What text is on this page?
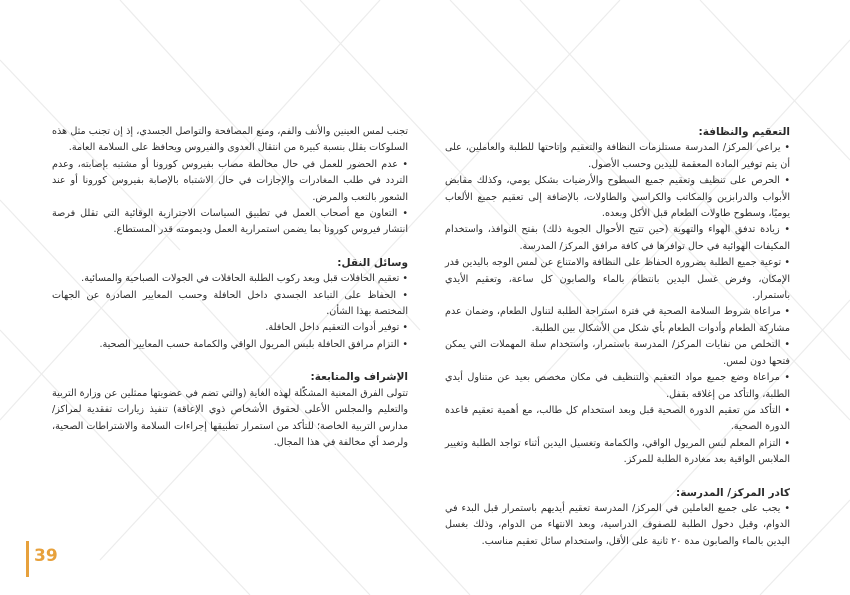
التعقيم والنظافة:

• يراعي المركز/ المدرسة مستلزمات النظافة والتعقيم وإتاحتها للطلبة والعاملين، على أن يتم توفير المادة المعقمة لليدين وحسب الأصول.

• الحرص على تنظيف وتعقيم جميع السطوح والأرضيات بشكل يومي، وكذلك مقابض الأبواب والدرابزين والمكاتب والكراسي والطاولات، بالإضافة إلى تعقيم جميع الألعاب يوميًا، وسطوح طاولات الطعام قبل الأكل وبعده.

• زيادة تدفق الهواء والتهوية (حين تتيح الأحوال الجوية ذلك) بفتح النوافذ، واستخدام المكيفات الهوائية في حال توافرها في كافة مرافق المركز/ المدرسة.

• توعية جميع الطلبة بضرورة الحفاظ على النظافة والامتناع عن لمس الوجه باليدين قدر الإمكان، وفرض غسل اليدين بانتظام بالماء والصابون كل ساعة، وتعقيم الأيدي باستمرار.

• مراعاة شروط السلامة الصحية في فترة استراحة الطلبة لتناول الطعام، وضمان عدم مشاركة الطعام وأدوات الطعام بأي شكل من الأشكال بين الطلبة.

• التخلص من نفايات المركز/ المدرسة باستمرار، واستخدام سلة المهملات التي يمكن فتحها دون لمس.

• مراعاة وضع جميع مواد التعقيم والتنظيف في مكان مخصص بعيد عن متناول أيدي الطلبة، والتأكد من إغلاقه بقفل.

• التأكد من تعقيم الدورة الصحية قبل وبعد استخدام كل طالب، مع أهمية تعقيم قاعدة الدورة الصحية.

• التزام المعلم لبس المريول الواقي، والكمامة وتغسيل اليدين أثناء تواجد الطلبة وتغيير الملابس الواقية بعد مغادرة الطلبة للمركز.

كادر المركز/ المدرسة:

• يجب على جميع العاملين في المركز/ المدرسة تعقيم أيديهم باستمرار قبل البدء في الدوام، وقبل دخول الطلبة للصفوف الدراسية، وبعد الانتهاء من الدوام، وذلك بغسل اليدين بالماء والصابون مدة ٢٠ ثانية على الأقل، واستخدام سائل تعقيم مناسب.

تجنب لمس العينين والأنف والفم، ومنع المصافحة والتواصل الجسدي، إذ إن تجنب مثل هذه السلوكات يقلل بنسبة كبيرة من انتقال العدوى والفيروس ويحافظ على السلامة العامة.

• عدم الحضور للعمل في حال مخالطة مصاب بفيروس كورونا أو مشتبه بإصابته، وعدم التردد في طلب المغادرات والإجازات في حال الاشتباه بالإصابة بفيروس كورونا أو عند الشعور بالتعب والمرض.

• التعاون مع أصحاب العمل في تطبيق السياسات الاحترازية الوقائية التي تقلل فرصة انتشار فيروس كورونا بما يضمن استمرارية العمل وديمومته قدر المستطاع.

وسائل النقل:

• تعقيم الحافلات قبل وبعد ركوب الطلبة الحافلات في الجولات الصباحية والمسائية.

• الحفاظ على التباعد الجسدي داخل الحافلة وحسب المعايير الصادرة عن الجهات المختصة بهذا الشأن.

• توفير أدوات التعقيم داخل الحافلة.

• التزام مرافق الحافلة بلبس المريول الواقي والكمامة حسب المعايير الصحية.

الإشراف والمتابعة:

تتولى الفرق المعنية المشكّلة لهذه الغاية (والتي تضم في عضويتها ممثلين عن وزارة التربية والتعليم والمجلس الأعلى لحقوق الأشخاص ذوي الإعاقة) تنفيذ زيارات تفقدية لمراكز/ مدارس التربية الخاصة؛ للتأكد من استمرار تطبيقها إجراءات السلامة والاشتراطات الصحية، ولرصد أي مخالفة في هذا المجال.

39
